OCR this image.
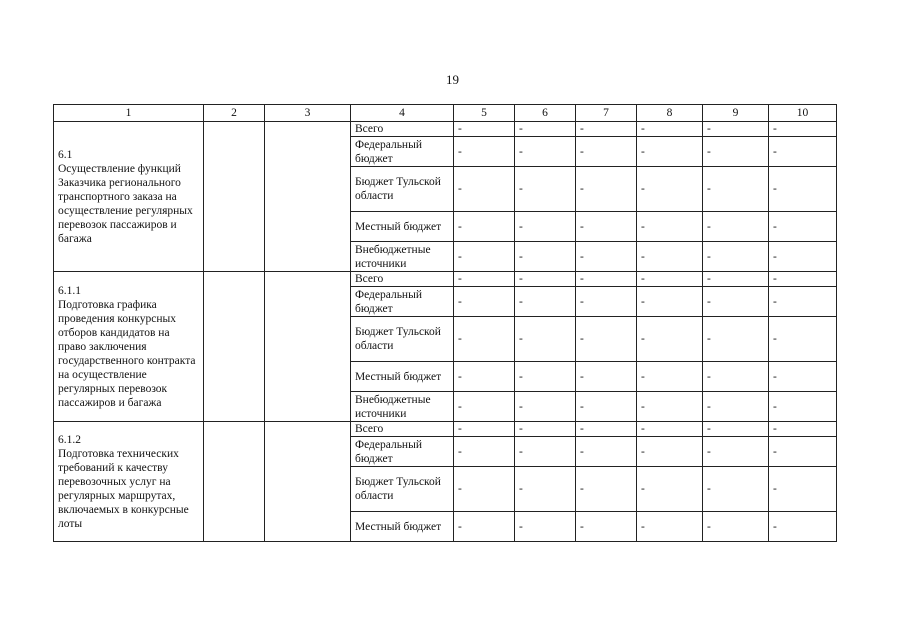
19
1	2	3	4	5	6	7	8	9	10

6.1
Осуществление функций Заказчика регионального транспортного заказа на осуществление регулярных перевозок пассажиров и багажа			Всего	-	-	-	-	-	-
			Федеральный бюджет	-	-	-	-	-	-
			Бюджет Тульской области	-	-	-	-	-	-
			Местный бюджет	-	-	-	-	-	-
			Внебюджетные источники	-	-	-	-	-	-

6.1.1
Подготовка графика проведения конкурсных отборов кандидатов на право заключения государственного контракта на осуществление регулярных перевозок пассажиров и багажа			Всего	-	-	-	-	-	-
			Федеральный бюджет	-	-	-	-	-	-
			Бюджет Тульской области	-	-	-	-	-	-
			Местный бюджет	-	-	-	-	-	-
			Внебюджетные источники	-	-	-	-	-	-

6.1.2
Подготовка технических требований к качеству перевозочных услуг на регулярных маршрутах, включаемых в конкурсные лоты			Всего	-	-	-	-	-	-
			Федеральный бюджет	-	-	-	-	-	-
			Бюджет Тульской области	-	-	-	-	-	-
			Местный бюджет	-	-	-	-	-	-
